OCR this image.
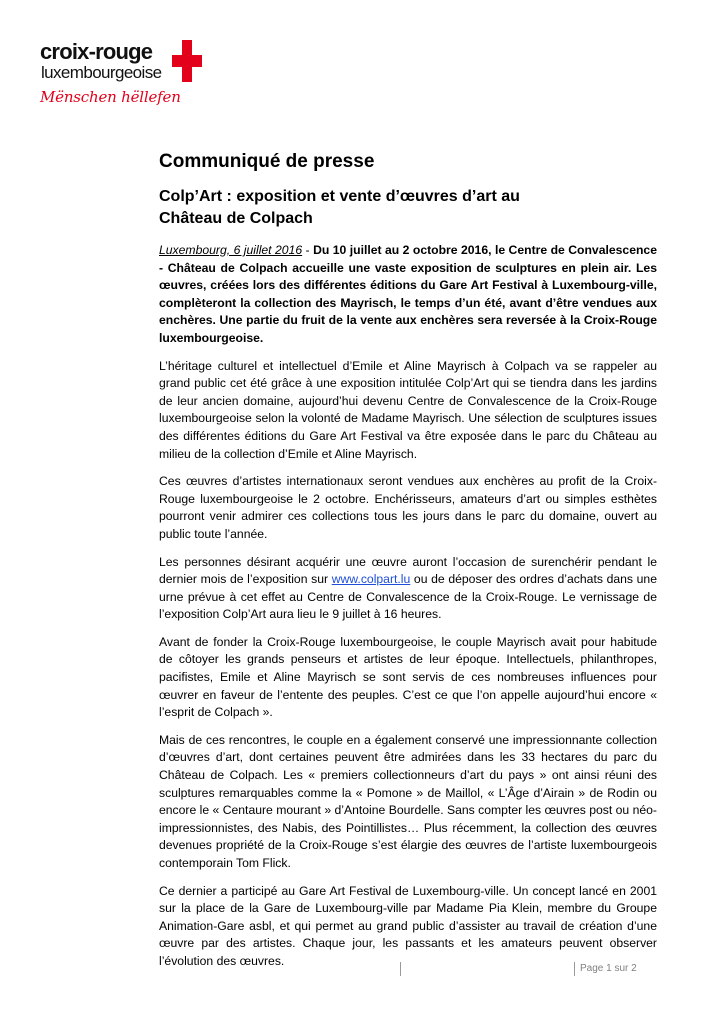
croix-rouge
luxembourgeoise
Mënschen hëllefen
Communiqué de presse
Colp’Art : exposition et vente d’œuvres d’art au
Château de Colpach

Luxembourg, 6 juillet 2016 - Du 10 juillet au 2 octobre 2016, le Centre de Convalescence - Château de Colpach accueille une vaste exposition de sculptures en plein air. Les œuvres, créées lors des différentes éditions du Gare Art Festival à Luxembourg-ville, complèteront la collection des Mayrisch, le temps d’un été, avant d’être vendues aux enchères. Une partie du fruit de la vente aux enchères sera reversée à la Croix-Rouge luxembourgeoise.

L’héritage culturel et intellectuel d’Emile et Aline Mayrisch à Colpach va se rappeler au grand public cet été grâce à une exposition intitulée Colp’Art qui se tiendra dans les jardins de leur ancien domaine, aujourd’hui devenu Centre de Convalescence de la Croix-Rouge luxembourgeoise selon la volonté de Madame Mayrisch. Une sélection de sculptures issues des différentes éditions du Gare Art Festival va être exposée dans le parc du Château au milieu de la collection d’Emile et Aline Mayrisch.

Ces œuvres d’artistes internationaux seront vendues aux enchères au profit de la Croix-Rouge luxembourgeoise le 2 octobre. Enchérisseurs, amateurs d’art ou simples esthètes pourront venir admirer ces collections tous les jours dans le parc du domaine, ouvert au public toute l’année.

Les personnes désirant acquérir une œuvre auront l’occasion de surenchérir pendant le dernier mois de l’exposition sur www.colpart.lu ou de déposer des ordres d’achats dans une urne prévue à cet effet au Centre de Convalescence de la Croix-Rouge. Le vernissage de l’exposition Colp’Art aura lieu le 9 juillet à 16 heures.

Avant de fonder la Croix-Rouge luxembourgeoise, le couple Mayrisch avait pour habitude de côtoyer les grands penseurs et artistes de leur époque. Intellectuels, philanthropes, pacifistes, Emile et Aline Mayrisch se sont servis de ces nombreuses influences pour œuvrer en faveur de l’entente des peuples. C’est ce que l’on appelle aujourd’hui encore « l’esprit de Colpach ».

Mais de ces rencontres, le couple en a également conservé une impressionnante collection d’œuvres d’art, dont certaines peuvent être admirées dans les 33 hectares du parc du Château de Colpach. Les « premiers collectionneurs d’art du pays » ont ainsi réuni des sculptures remarquables comme la « Pomone » de Maillol, « L’Âge d’Airain » de Rodin ou encore le « Centaure mourant » d’Antoine Bourdelle. Sans compter les œuvres post ou néo-impressionnistes, des Nabis, des Pointillistes… Plus récemment, la collection des œuvres devenues propriété de la Croix-Rouge s’est élargie des œuvres de l’artiste luxembourgeois contemporain Tom Flick.

Ce dernier a participé au Gare Art Festival de Luxembourg-ville. Un concept lancé en 2001 sur la place de la Gare de Luxembourg-ville par Madame Pia Klein, membre du Groupe Animation-Gare asbl, et qui permet au grand public d’assister au travail de création d’une œuvre par des artistes. Chaque jour, les passants et les amateurs peuvent observer l’évolution des œuvres.

Page 1 sur 2
